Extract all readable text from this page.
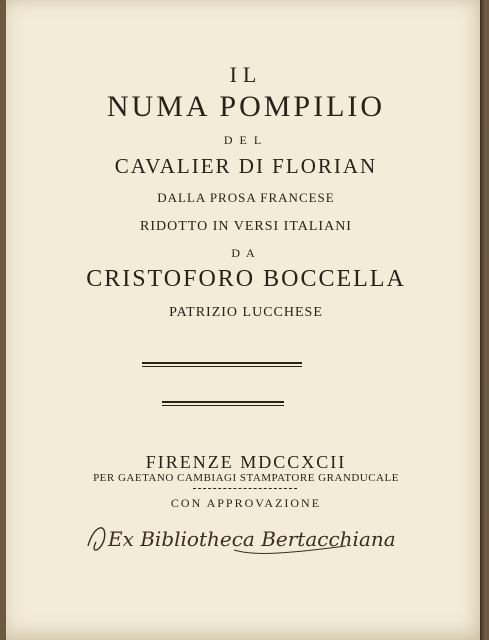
IL
NUMA POMPILIO
DEL
CAVALIER DI FLORIAN
DALLA PROSA FRANCESE
RIDOTTO IN VERSI ITALIANI
DA
CRISTOFORO BOCCELLA
PATRIZIO LUCCHESE
FIRENZE MDCCXCII
PER GAETANO CAMBIAGI STAMPATORE GRANDUCALE
CON APPROVAZIONE
Ex Bibliotheca Bertacchiana
